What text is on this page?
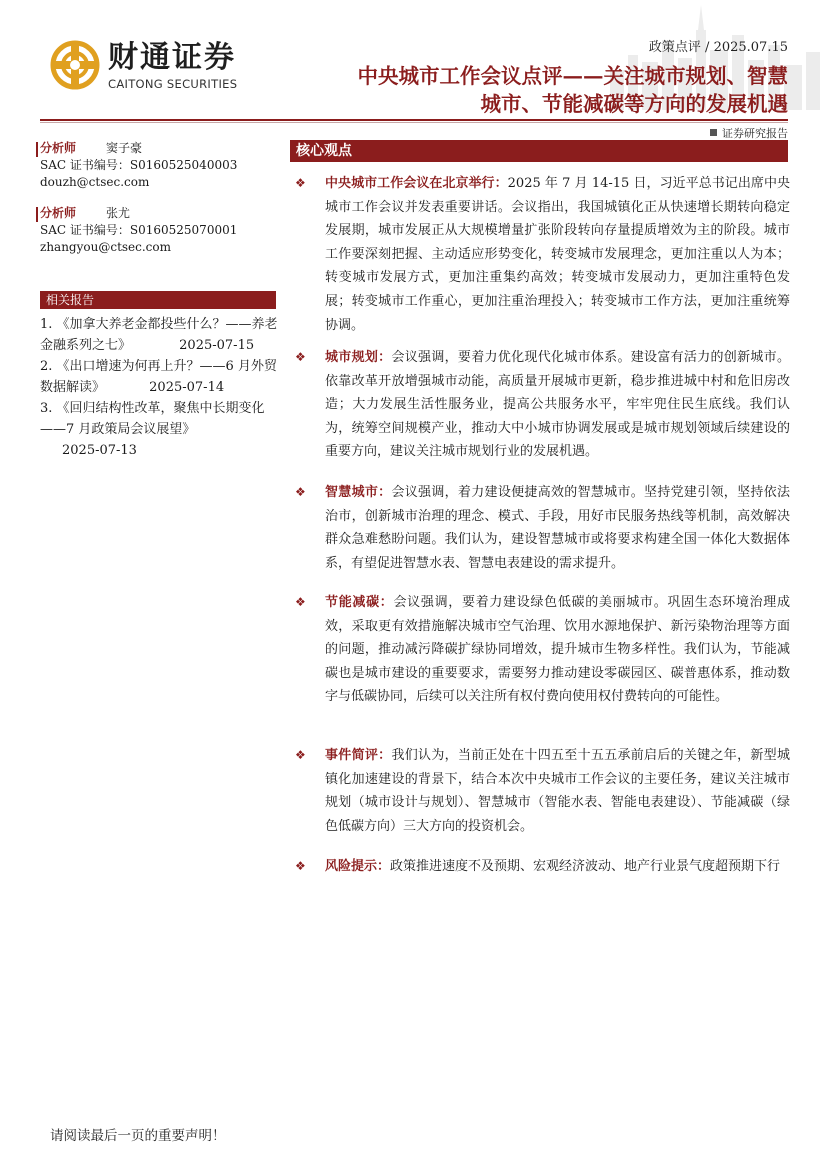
财通证券
CAITONG SECURITIES
政策点评 / 2025.07.15
中央城市工作会议点评——关注城市规划、智慧
城市、节能减碳等方向的发展机遇
证券研究报告
分析师	窦子豪
SAC 证书编号：S0160525040003
douzh@ctsec.com
分析师	张尤
SAC 证书编号：S0160525070001
zhangyou@ctsec.com
相关报告
1. 《加拿大养老金都投些什么？——养老金融系列之七》	2025-07-15
2. 《出口增速为何再上升？——6 月外贸数据解读》	2025-07-14
3. 《回归结构性改革，聚焦中长期变化——7 月政策局会议展望》 2025-07-13
核心观点
❖ 中央城市工作会议在北京举行：2025 年 7 月 14-15 日，习近平总书记出席中央城市工作会议并发表重要讲话。会议指出，我国城镇化正从快速增长期转向稳定发展期，城市发展正从大规模增量扩张阶段转向存量提质增效为主的阶段。城市工作要深刻把握、主动适应形势变化，转变城市发展理念，更加注重以人为本；转变城市发展方式，更加注重集约高效；转变城市发展动力，更加注重特色发展；转变城市工作重心，更加注重治理投入；转变城市工作方法，更加注重统筹协调。
❖ 城市规划：会议强调，要着力优化现代化城市体系。建设富有活力的创新城市。依靠改革开放增强城市动能，高质量开展城市更新，稳步推进城中村和危旧房改造；大力发展生活性服务业，提高公共服务水平，牢牢兜住民生底线。我们认为，统筹空间规模产业，推动大中小城市协调发展或是城市规划领域后续建设的重要方向，建议关注城市规划行业的发展机遇。
❖ 智慧城市：会议强调，着力建设便捷高效的智慧城市。坚持党建引领，坚持依法治市，创新城市治理的理念、模式、手段，用好市民服务热线等机制，高效解决群众急难愁盼问题。我们认为，建设智慧城市或将要求构建全国一体化大数据体系，有望促进智慧水表、智慧电表建设的需求提升。
❖ 节能减碳：会议强调，要着力建设绿色低碳的美丽城市。巩固生态环境治理成效，采取更有效措施解决城市空气治理、饮用水源地保护、新污染物治理等方面的问题，推动减污降碳扩绿协同增效，提升城市生物多样性。我们认为，节能减碳也是城市建设的重要要求，需要努力推动建设零碳园区、碳普惠体系，推动数字与低碳协同，后续可以关注所有权付费向使用权付费转向的可能性。
❖ 事件简评：我们认为，当前正处在十四五至十五五承前启后的关键之年，新型城镇化加速建设的背景下，结合本次中央城市工作会议的主要任务，建议关注城市规划（城市设计与规划）、智慧城市（智能水表、智能电表建设）、节能减碳（绿色低碳方向）三大方向的投资机会。
❖ 风险提示：政策推进速度不及预期、宏观经济波动、地产行业景气度超预期下行
请阅读最后一页的重要声明！
